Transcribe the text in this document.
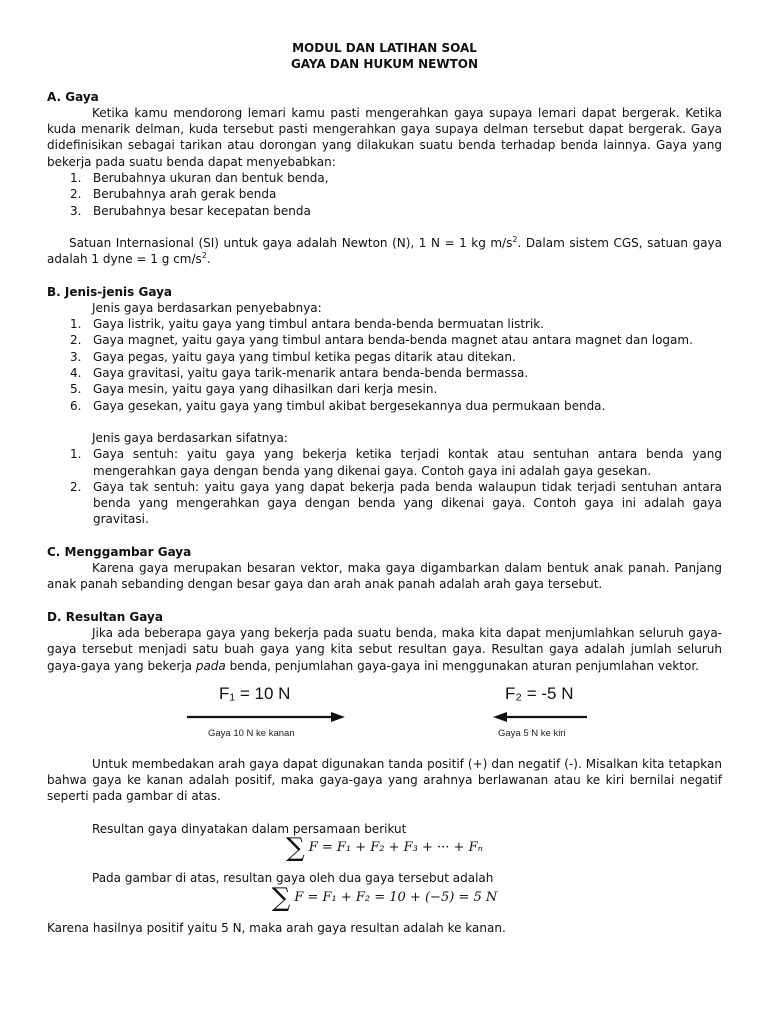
MODUL DAN LATIHAN SOAL

GAYA DAN HUKUM NEWTON

A. Gaya

Ketika kamu mendorong lemari kamu pasti mengerahkan gaya supaya lemari dapat bergerak. Ketika kuda menarik delman, kuda tersebut pasti mengerahkan gaya supaya delman tersebut dapat bergerak. Gaya didefinisikan sebagai tarikan atau dorongan yang dilakukan suatu benda terhadap benda lainnya. Gaya yang bekerja pada suatu benda dapat menyebabkan:

1. Berubahnya ukuran dan bentuk benda,
2. Berubahnya arah gerak benda
3. Berubahnya besar kecepatan benda

Satuan Internasional (SI) untuk gaya adalah Newton (N), 1 N = 1 kg $m/s^2$. Dalam sistem CGS, satuan gaya adalah 1 dyne = 1 g $cm/s^2$.

B. Jenis-jenis Gaya

Jenis gaya berdasarkan penyebabnya:

1. Gaya listrik, yaitu gaya yang timbul antara benda-benda bermuatan listrik.
2. Gaya magnet, yaitu gaya yang timbul antara benda-benda magnet atau antara magnet dan logam.
3. Gaya pegas, yaitu gaya yang timbul ketika pegas ditarik atau ditekan.
4. Gaya gravitasi, yaitu gaya tarik-menarik antara benda-benda bermassa.
5. Gaya mesin, yaitu gaya yang dihasilkan dari kerja mesin.
6. Gaya gesekan, yaitu gaya yang timbul akibat bergesekannya dua permukaan benda.

Jenis gaya berdasarkan sifatnya:

1. Gaya sentuh: yaitu gaya yang bekerja ketika terjadi kontak atau sentuhan antara benda yang mengerahkan gaya dengan benda yang dikenai gaya. Contoh gaya ini adalah gaya gesekan.
2. Gaya tak sentuh: yaitu gaya yang dapat bekerja pada benda walaupun tidak terjadi sentuhan antara benda yang mengerahkan gaya dengan benda yang dikenai gaya. Contoh gaya ini adalah gaya gravitasi.

C. Menggambar Gaya

Karena gaya merupakan besaran vektor, maka gaya digambarkan dalam bentuk anak panah. Panjang anak panah sebanding dengan besar gaya dan arah anak panah adalah arah gaya tersebut.

D. Resultan Gaya

Jika ada beberapa gaya yang bekerja pada suatu benda, maka kita dapat menjumlahkan seluruh gaya-gaya tersebut menjadi satu buah gaya yang kita sebut resultan gaya. Resultan gaya adalah jumlah seluruh gaya-gaya yang bekerja pada benda, penjumlahan gaya-gaya ini menggunakan aturan penjumlahan vektor.

F₁ = 10 N
Gaya 10 N ke kanan
F₂ = -5 N
Gaya 5 N ke kiri

Untuk membedakan arah gaya dapat digunakan tanda positif (+) dan negatif (-). Misalkan kita tetapkan bahwa gaya ke kanan adalah positif, maka gaya-gaya yang arahnya berlawanan atau ke kiri bernilai negatif seperti pada gambar di atas.

Resultan gaya dinyatakan dalam persamaan berikut

∑ F = F₁ + F₂ + F₃ + ··· + Fₙ

Pada gambar di atas, resultan gaya oleh dua gaya tersebut adalah

∑ F = F₁ + F₂ = 10 + (−5) = 5 N

Karena hasilnya positif yaitu 5 N, maka arah gaya resultan adalah ke kanan.
